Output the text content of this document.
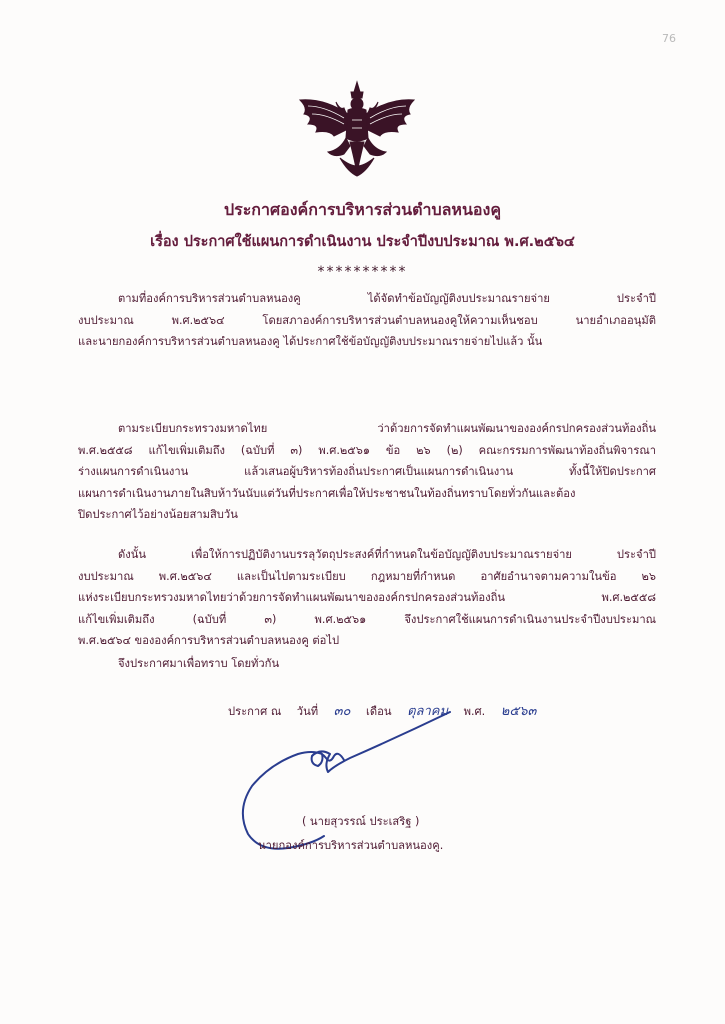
76
ประกาศองค์การบริหารส่วนตำบลหนองคู
เรื่อง ประกาศใช้แผนการดำเนินงาน ประจำปีงบประมาณ พ.ศ.๒๕๖๔
**********
ตามที่องค์การบริหารส่วนตำบลหนองคู ได้จัดทำข้อบัญญัติงบประมาณรายจ่าย ประจำปี
งบประมาณ พ.ศ.๒๕๖๔ โดยสภาองค์การบริหารส่วนตำบลหนองคูให้ความเห็นชอบ นายอำเภออนุมัติ
และนายกองค์การบริหารส่วนตำบลหนองคู ได้ประกาศใช้ข้อบัญญัติงบประมาณรายจ่ายไปแล้ว นั้น
ตามระเบียบกระทรวงมหาดไทย ว่าด้วยการจัดทำแผนพัฒนาขององค์กรปกครองส่วนท้องถิ่น
พ.ศ.๒๕๕๘ แก้ไขเพิ่มเติมถึง (ฉบับที่ ๓) พ.ศ.๒๕๖๑ ข้อ ๒๖ (๒) คณะกรรมการพัฒนาท้องถิ่นพิจารณา
ร่างแผนการดำเนินงาน แล้วเสนอผู้บริหารท้องถิ่นประกาศเป็นแผนการดำเนินงาน ทั้งนี้ให้ปิดประกาศ
แผนการดำเนินงานภายในสิบห้าวันนับแต่วันที่ประกาศเพื่อให้ประชาชนในท้องถิ่นทราบโดยทั่วกันและต้อง
ปิดประกาศไว้อย่างน้อยสามสิบวัน
ดังนั้น เพื่อให้การปฏิบัติงานบรรลุวัตถุประสงค์ที่กำหนดในข้อบัญญัติงบประมาณรายจ่าย ประจำปี
งบประมาณ พ.ศ.๒๕๖๔ และเป็นไปตามระเบียบ กฎหมายที่กำหนด อาศัยอำนาจตามความในข้อ ๒๖
แห่งระเบียบกระทรวงมหาดไทยว่าด้วยการจัดทำแผนพัฒนาขององค์กรปกครองส่วนท้องถิ่น พ.ศ.๒๕๕๘
แก้ไขเพิ่มเติมถึง (ฉบับที่ ๓) พ.ศ.๒๕๖๑ จึงประกาศใช้แผนการดำเนินงานประจำปีงบประมาณ
พ.ศ.๒๕๖๔ ขององค์การบริหารส่วนตำบลหนองคู ต่อไป
จึงประกาศมาเพื่อทราบ โดยทั่วกัน
ประกาศ ณ วันที่ ๓๐ เดือน ตุลาคม พ.ศ. ๒๕๖๓
( นายสุวรรณ์ ประเสริฐ )
นายกองค์การบริหารส่วนตำบลหนองคู.
